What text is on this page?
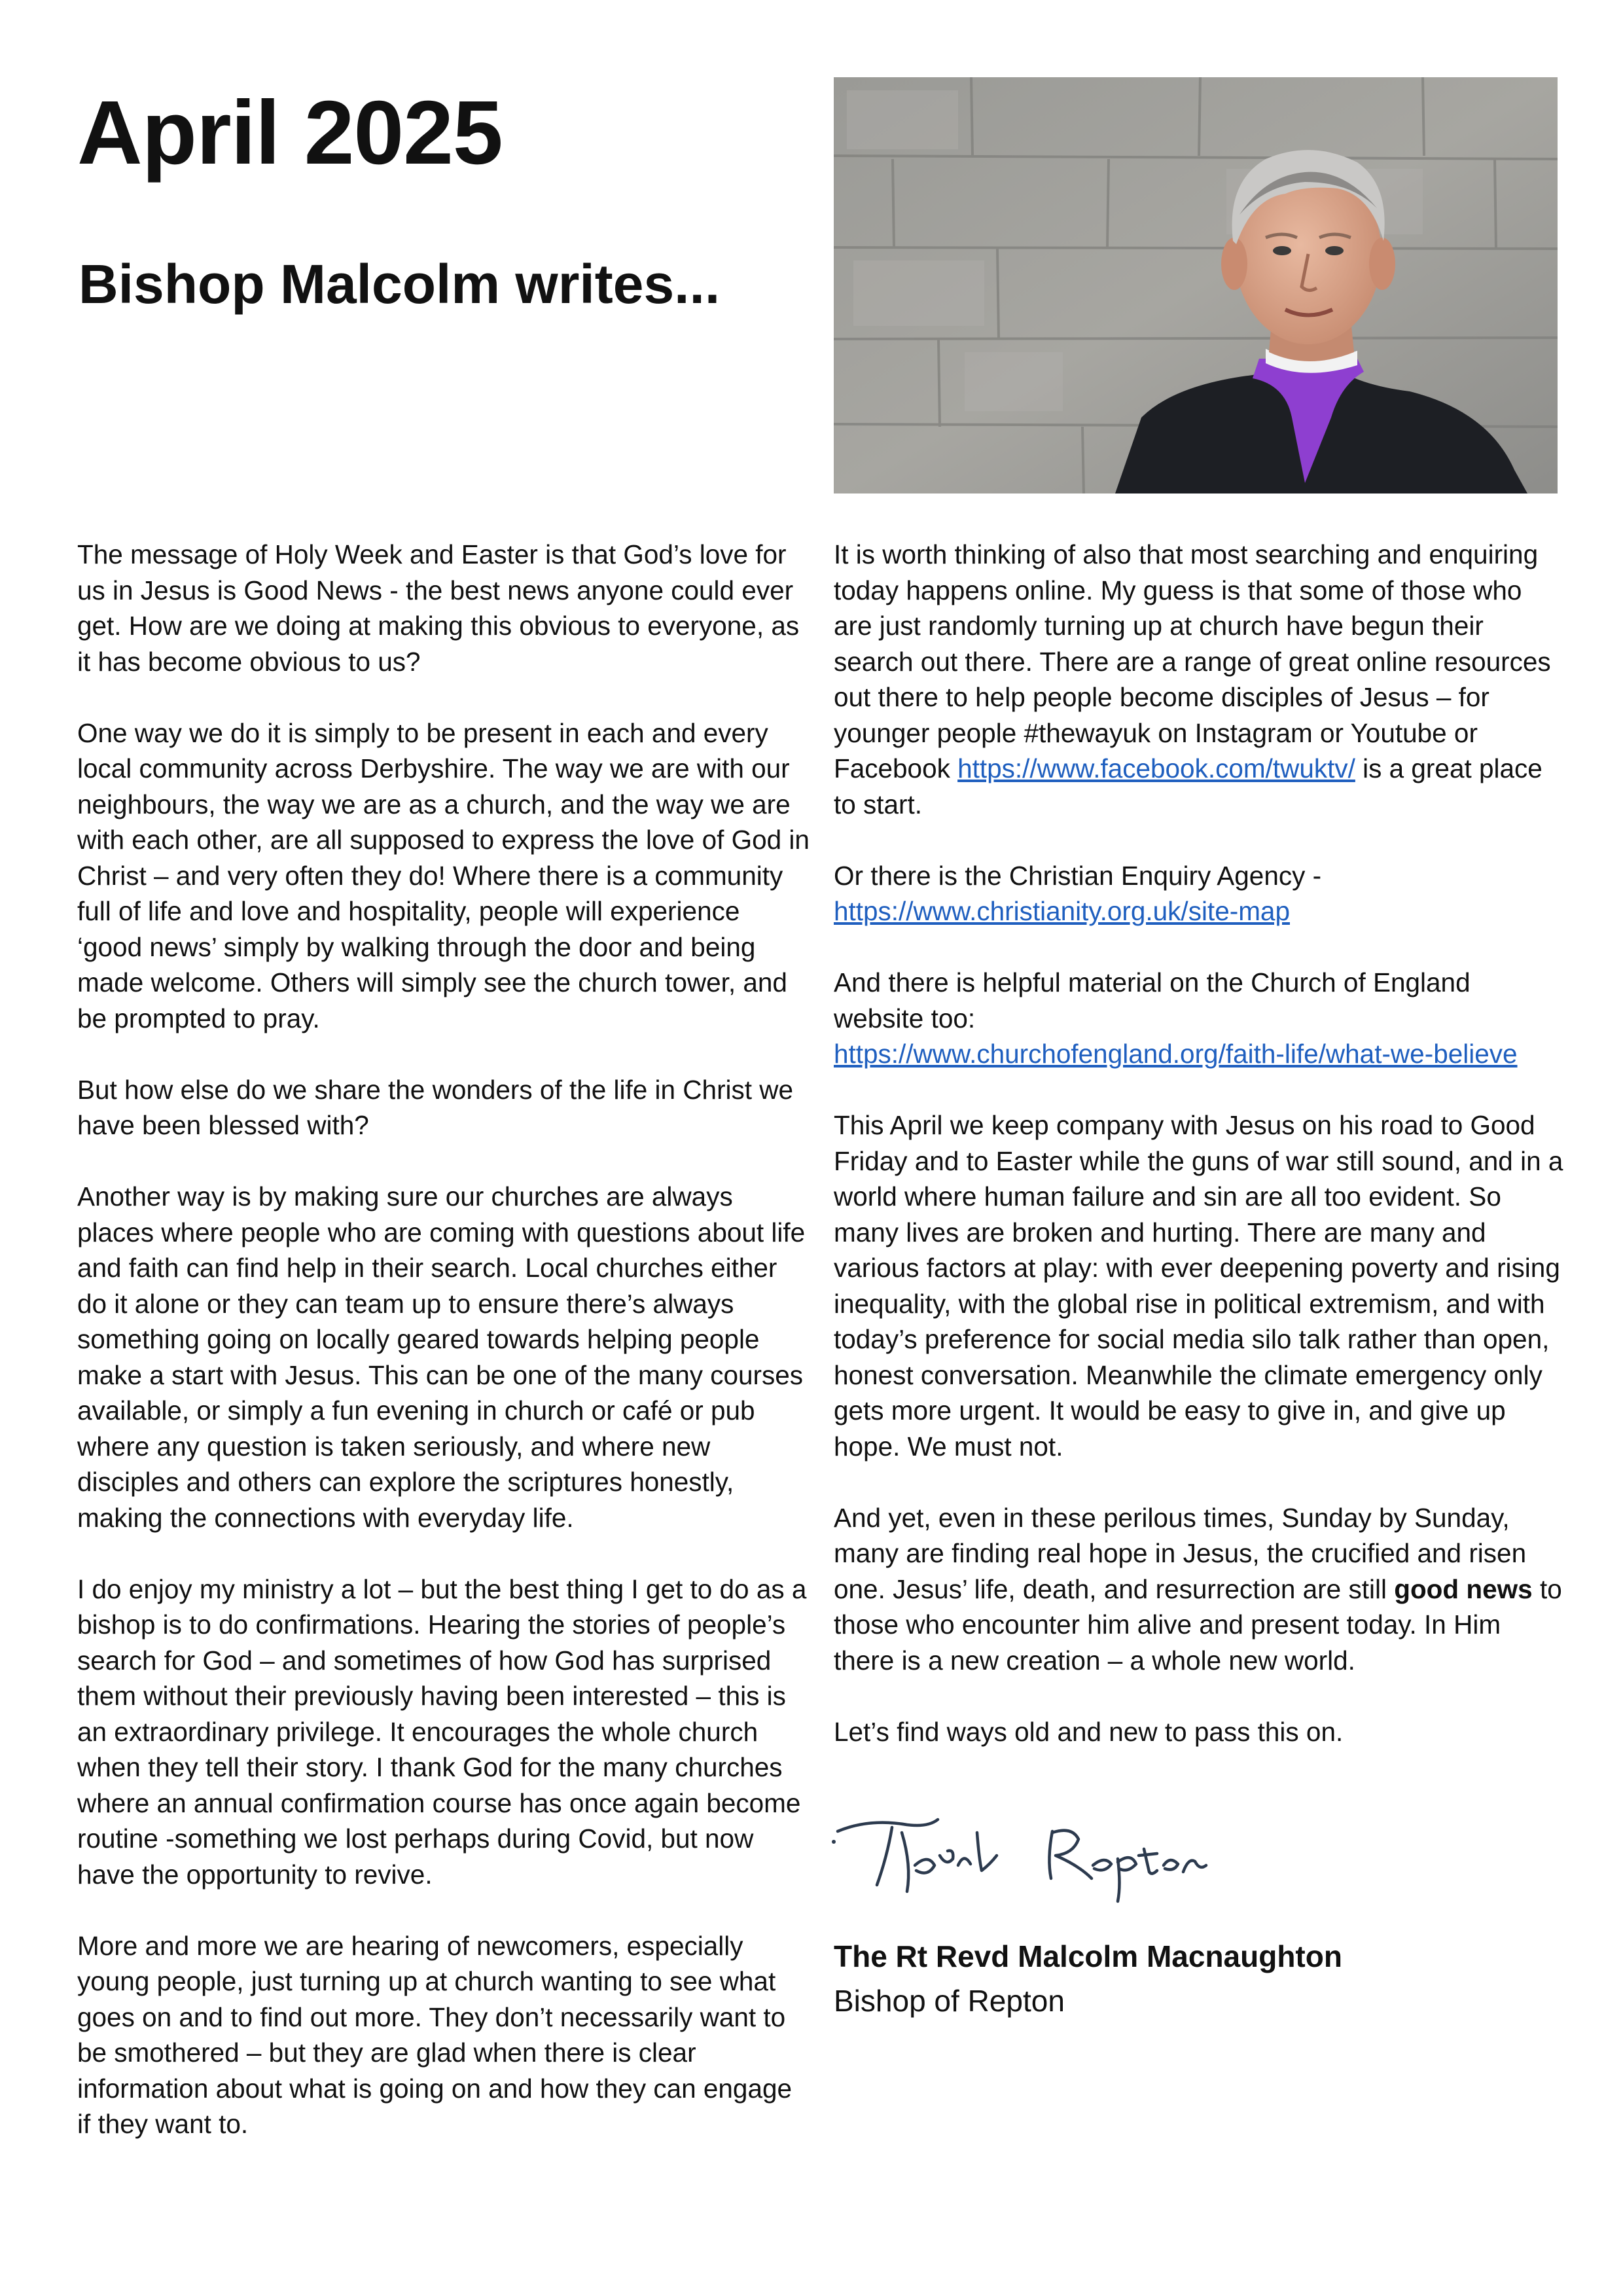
April 2025
Bishop Malcolm writes...

The message of Holy Week and Easter is that God’s love for us in Jesus is Good News - the best news anyone could ever get. How are we doing at making this obvious to everyone, as it has become obvious to us?

One way we do it is simply to be present in each and every local community across Derbyshire. The way we are with our neighbours, the way we are as a church, and the way we are with each other, are all supposed to express the love of God in Christ – and very often they do! Where there is a community full of life and love and hospitality, people will experience ‘good news’ simply by walking through the door and being made welcome. Others will simply see the church tower, and be prompted to pray.

But how else do we share the wonders of the life in Christ we have been blessed with?

Another way is by making sure our churches are always places where people who are coming with questions about life and faith can find help in their search. Local churches either do it alone or they can team up to ensure there’s always something going on locally geared towards helping people make a start with Jesus. This can be one of the many courses available, or simply a fun evening in church or café or pub where any question is taken seriously, and where new disciples and others can explore the scriptures honestly, making the connections with everyday life.

I do enjoy my ministry a lot – but the best thing I get to do as a bishop is to do confirmations. Hearing the stories of people’s search for God – and sometimes of how God has surprised them without their previously having been interested – this is an extraordinary privilege. It encourages the whole church when they tell their story. I thank God for the many churches where an annual confirmation course has once again become routine -something we lost perhaps during Covid, but now have the opportunity to revive.

More and more we are hearing of newcomers, especially young people, just turning up at church wanting to see what goes on and to find out more. They don’t necessarily want to be smothered – but they are glad when there is clear information about what is going on and how they can engage if they want to.

It is worth thinking of also that most searching and enquiring today happens online. My guess is that some of those who are just randomly turning up at church have begun their search out there. There are a range of great online resources out there to help people become disciples of Jesus – for younger people #thewayuk on Instagram or Youtube or Facebook https://www.facebook.com/twuktv/ is a great place to start.

Or there is the Christian Enquiry Agency -
https://www.christianity.org.uk/site-map

And there is helpful material on the Church of England website too:
https://www.churchofengland.org/faith-life/what-we-believe

This April we keep company with Jesus on his road to Good Friday and to Easter while the guns of war still sound, and in a world where human failure and sin are all too evident. So many lives are broken and hurting. There are many and various factors at play: with ever deepening poverty and rising inequality, with the global rise in political extremism, and with today’s preference for social media silo talk rather than open, honest conversation. Meanwhile the climate emergency only gets more urgent. It would be easy to give in, and give up hope. We must not.

And yet, even in these perilous times, Sunday by Sunday, many are finding real hope in Jesus, the crucified and risen one. Jesus’ life, death, and resurrection are still good news to those who encounter him alive and present today. In Him there is a new creation – a whole new world.

Let’s find ways old and new to pass this on.

The Rt Revd Malcolm Macnaughton
Bishop of Repton
